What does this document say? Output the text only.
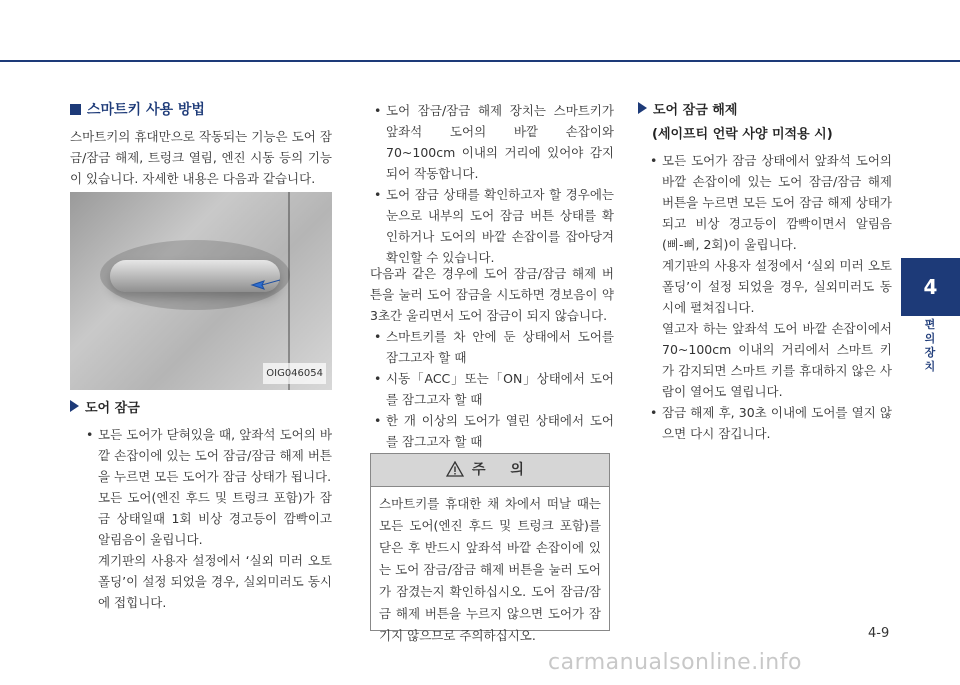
스마트키 사용 방법

스마트키의 휴대만으로 작동되는 기능은 도어 잠금/잠금 해제, 트렁크 열림, 엔진 시동 등의 기능이 있습니다. 자세한 내용은 다음과 같습니다.

OIG046054
도어 잠금
• 모든 도어가 닫혀있을 때, 앞좌석 도어의 바깥 손잡이에 있는 도어 잠금/잠금 해제 버튼을 누르면 모든 도어가 잠금 상태가 됩니다.

모든 도어(엔진 후드 및 트렁크 포함)가 잠금 상태일때 1회 비상 경고등이 깜빡이고 알림음이 울립니다.

계기판의 사용자 설정에서 ‘실외 미러 오토 폴딩’이 설정 되었을 경우, 실외미러도 동시에 접힙니다.

• 도어 잠금/잠금 해제 장치는 스마트키가 앞좌석 도어의 바깥 손잡이와 70~100cm 이내의 거리에 있어야 감지되어 작동합니다.
• 도어 잠금 상태를 확인하고자 할 경우에는 눈으로 내부의 도어 잠금 버튼 상태를 확인하거나 도어의 바깥 손잡이를 잡아당겨 확인할 수 있습니다.

다음과 같은 경우에 도어 잠금/잠금 해제 버튼을 눌러 도어 잠금을 시도하면 경보음이 약 3초간 울리면서 도어 잠금이 되지 않습니다.

• 스마트키를 차 안에 둔 상태에서 도어를 잠그고자 할 때
• 시동「ACC」또는「ON」상태에서 도어를 잠그고자 할 때
• 한 개 이상의 도어가 열린 상태에서 도어를 잠그고자 할 때
주 의
스마트키를 휴대한 채 차에서 떠날 때는 모든 도어(엔진 후드 및 트렁크 포함)를 닫은 후 반드시 앞좌석 바깥 손잡이에 있는 도어 잠금/잠금 해제 버튼을 눌러 도어가 잠겼는지 확인하십시오. 도어 잠금/잠금 해제 버튼을 누르지 않으면 도어가 잠기지 않으므로 주의하십시오.
도어 잠금 해제
(세이프티 언락 사양 미적용 시)
• 모든 도어가 잠금 상태에서 앞좌석 도어의 바깥 손잡이에 있는 도어 잠금/잠금 해제 버튼을 누르면 모든 도어 잠금 해제 상태가 되고 비상 경고등이 깜빡이면서 알림음(삐-삐, 2회)이 울립니다.

계기판의 사용자 설정에서 ‘실외 미러 오토 폴딩’이 설정 되었을 경우, 실외미러도 동시에 펼쳐집니다.

열고자 하는 앞좌석 도어 바깥 손잡이에서 70~100cm 이내의 거리에서 스마트 키가 감지되면 스마트 키를 휴대하지 않은 사람이 열어도 열립니다.

• 잠금 해제 후, 30초 이내에 도어를 열지 않으면 다시 잠깁니다.
4
편의 장치
4-9
carmanualsonline.info
